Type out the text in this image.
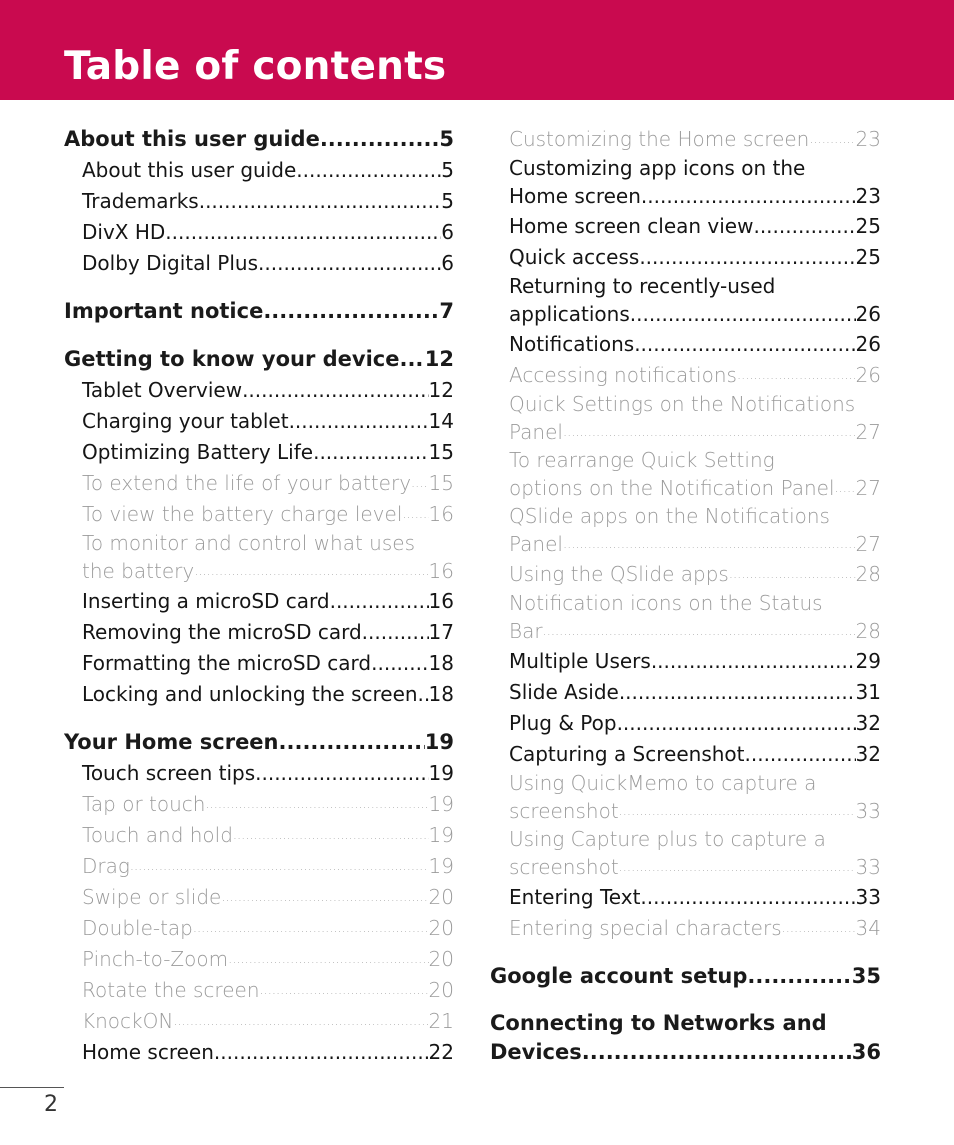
Table of contents
About this user guide .....	5
About this user guide .....	5
Trademarks .....	5
DivX HD .....	6
Dolby Digital Plus .....	6
Important notice .....	7
Getting to know your device ..... 12
Tablet Overview .....	12
Charging your tablet .....	14
Optimizing Battery Life .....	15
To extend the life of your battery ..... 15
To view the battery charge level ..... 16
To monitor and control what uses
the battery .....	16
Inserting a microSD card .....	16
Removing the microSD card .....	17
Formatting the microSD card .....	18
Locking and unlocking the screen ..... 18
Your Home screen .....	19
Touch screen tips .....	19
Tap or touch .....	19
Touch and hold .....	19
Drag .....	19
Swipe or slide .....	20
Double-tap .....	20
Pinch-to-Zoom .....	20
Rotate the screen .....	20
KnockON .....	21
Home screen .....	22
Customizing the Home screen ..... 23
Customizing app icons on the
Home screen .....	23
Home screen clean view .....	25
Quick access .....	25
Returning to recently-used
applications .....	26
Notifications .....	26
Accessing notifications .....	26
Quick Settings on the Notifications
Panel .....	27
To rearrange Quick Setting
options on the Notification Panel ..... 27
QSlide apps on the Notifications
Panel .....	27
Using the QSlide apps .....	28
Notification icons on the Status
Bar .....	28
Multiple Users .....	29
Slide Aside .....	31
Plug & Pop .....	32
Capturing a Screenshot .....	32
Using QuickMemo to capture a
screenshot .....	33
Using Capture plus to capture a
screenshot .....	33
Entering Text .....	33
Entering special characters .....	34
Google account setup .....	35
Connecting to Networks and
Devices .....	36
2
